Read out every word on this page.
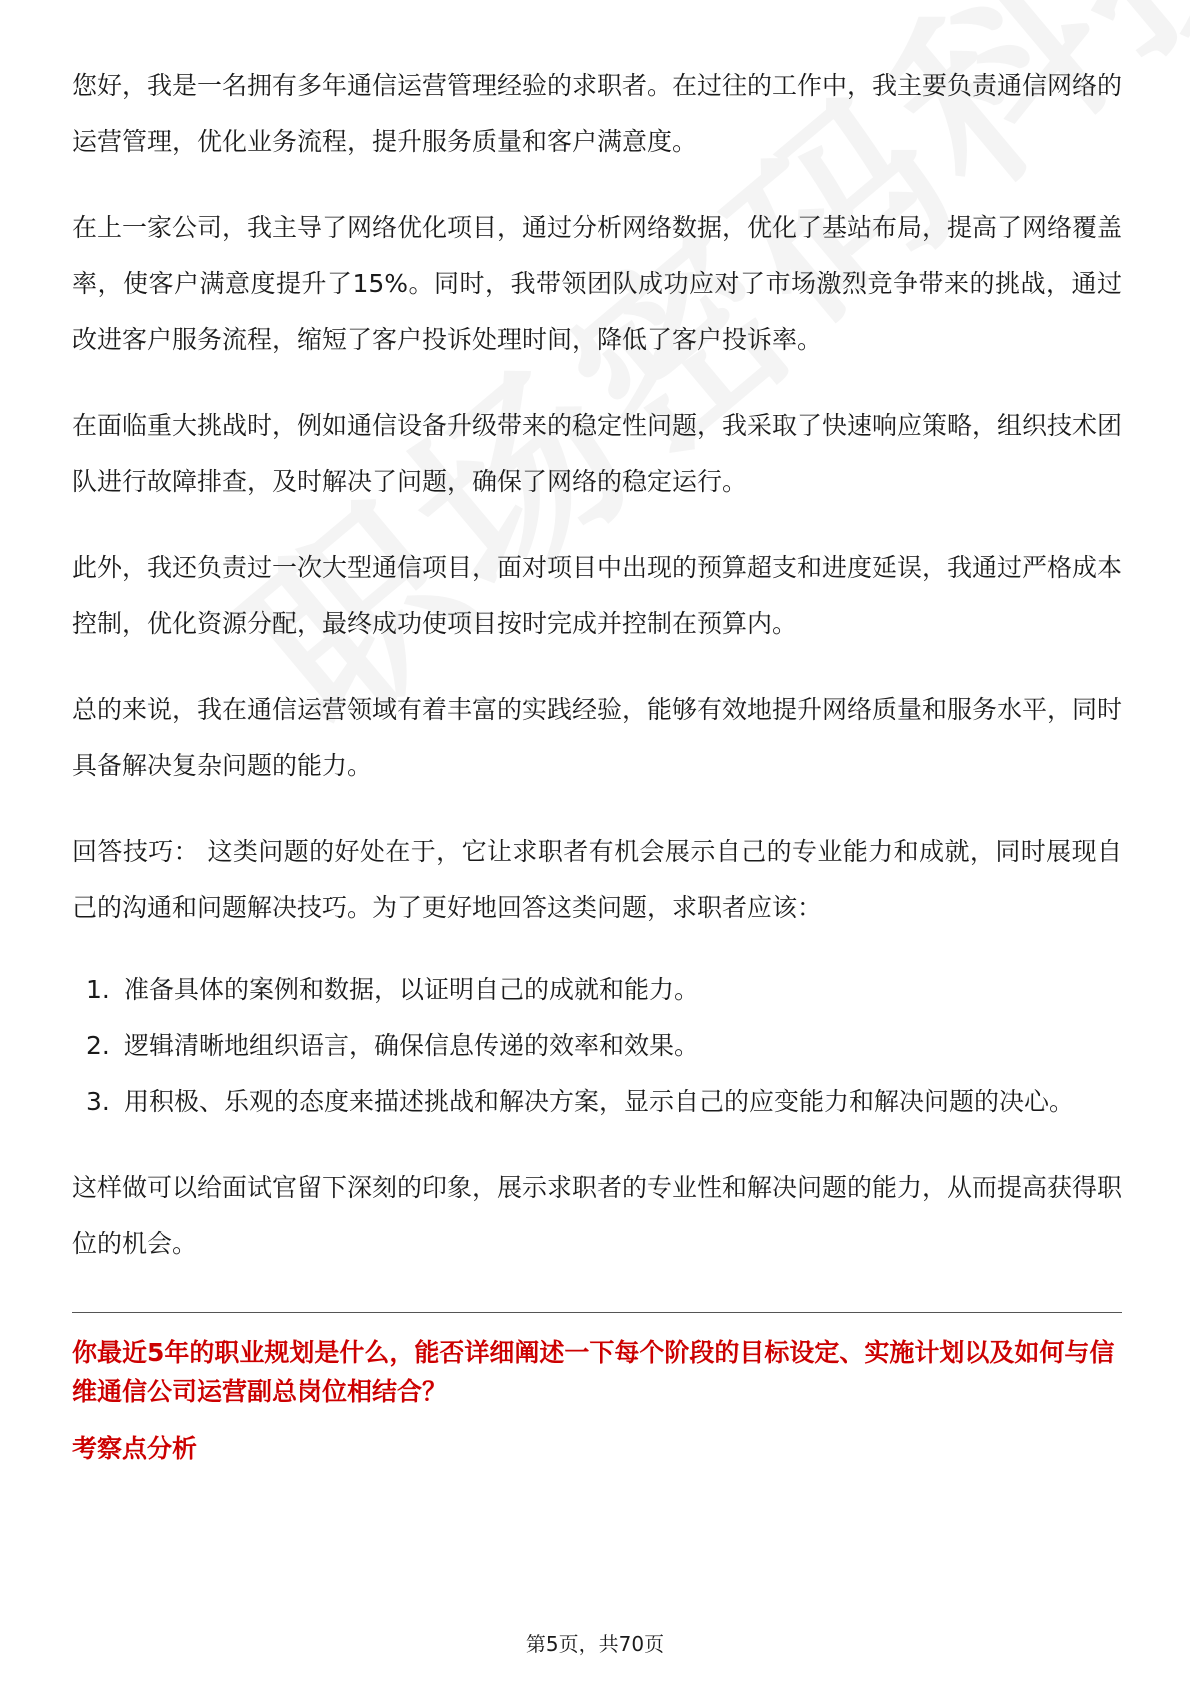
您好，我是一名拥有多年通信运营管理经验的求职者。在过往的工作中，我主要负责通信网络的运营管理，优化业务流程，提升服务质量和客户满意度。

在上一家公司，我主导了网络优化项目，通过分析网络数据，优化了基站布局，提高了网络覆盖率，使客户满意度提升了15%。同时，我带领团队成功应对了市场激烈竞争带来的挑战，通过改进客户服务流程，缩短了客户投诉处理时间，降低了客户投诉率。

在面临重大挑战时，例如通信设备升级带来的稳定性问题，我采取了快速响应策略，组织技术团队进行故障排查，及时解决了问题，确保了网络的稳定运行。

此外，我还负责过一次大型通信项目，面对项目中出现的预算超支和进度延误，我通过严格成本控制，优化资源分配，最终成功使项目按时完成并控制在预算内。

总的来说，我在通信运营领域有着丰富的实践经验，能够有效地提升网络质量和服务水平，同时具备解决复杂问题的能力。

回答技巧： 这类问题的好处在于，它让求职者有机会展示自己的专业能力和成就，同时展现自己的沟通和问题解决技巧。为了更好地回答这类问题，求职者应该：

1. 准备具体的案例和数据，以证明自己的成就和能力。
2. 逻辑清晰地组织语言，确保信息传递的效率和效果。
3. 用积极、乐观的态度来描述挑战和解决方案，显示自己的应变能力和解决问题的决心。

这样做可以给面试官留下深刻的印象，展示求职者的专业性和解决问题的能力，从而提高获得职位的机会。

你最近5年的职业规划是什么，能否详细阐述一下每个阶段的目标设定、实施计划以及如何与信维通信公司运营副总岗位相结合？

考察点分析

第5页，共70页
